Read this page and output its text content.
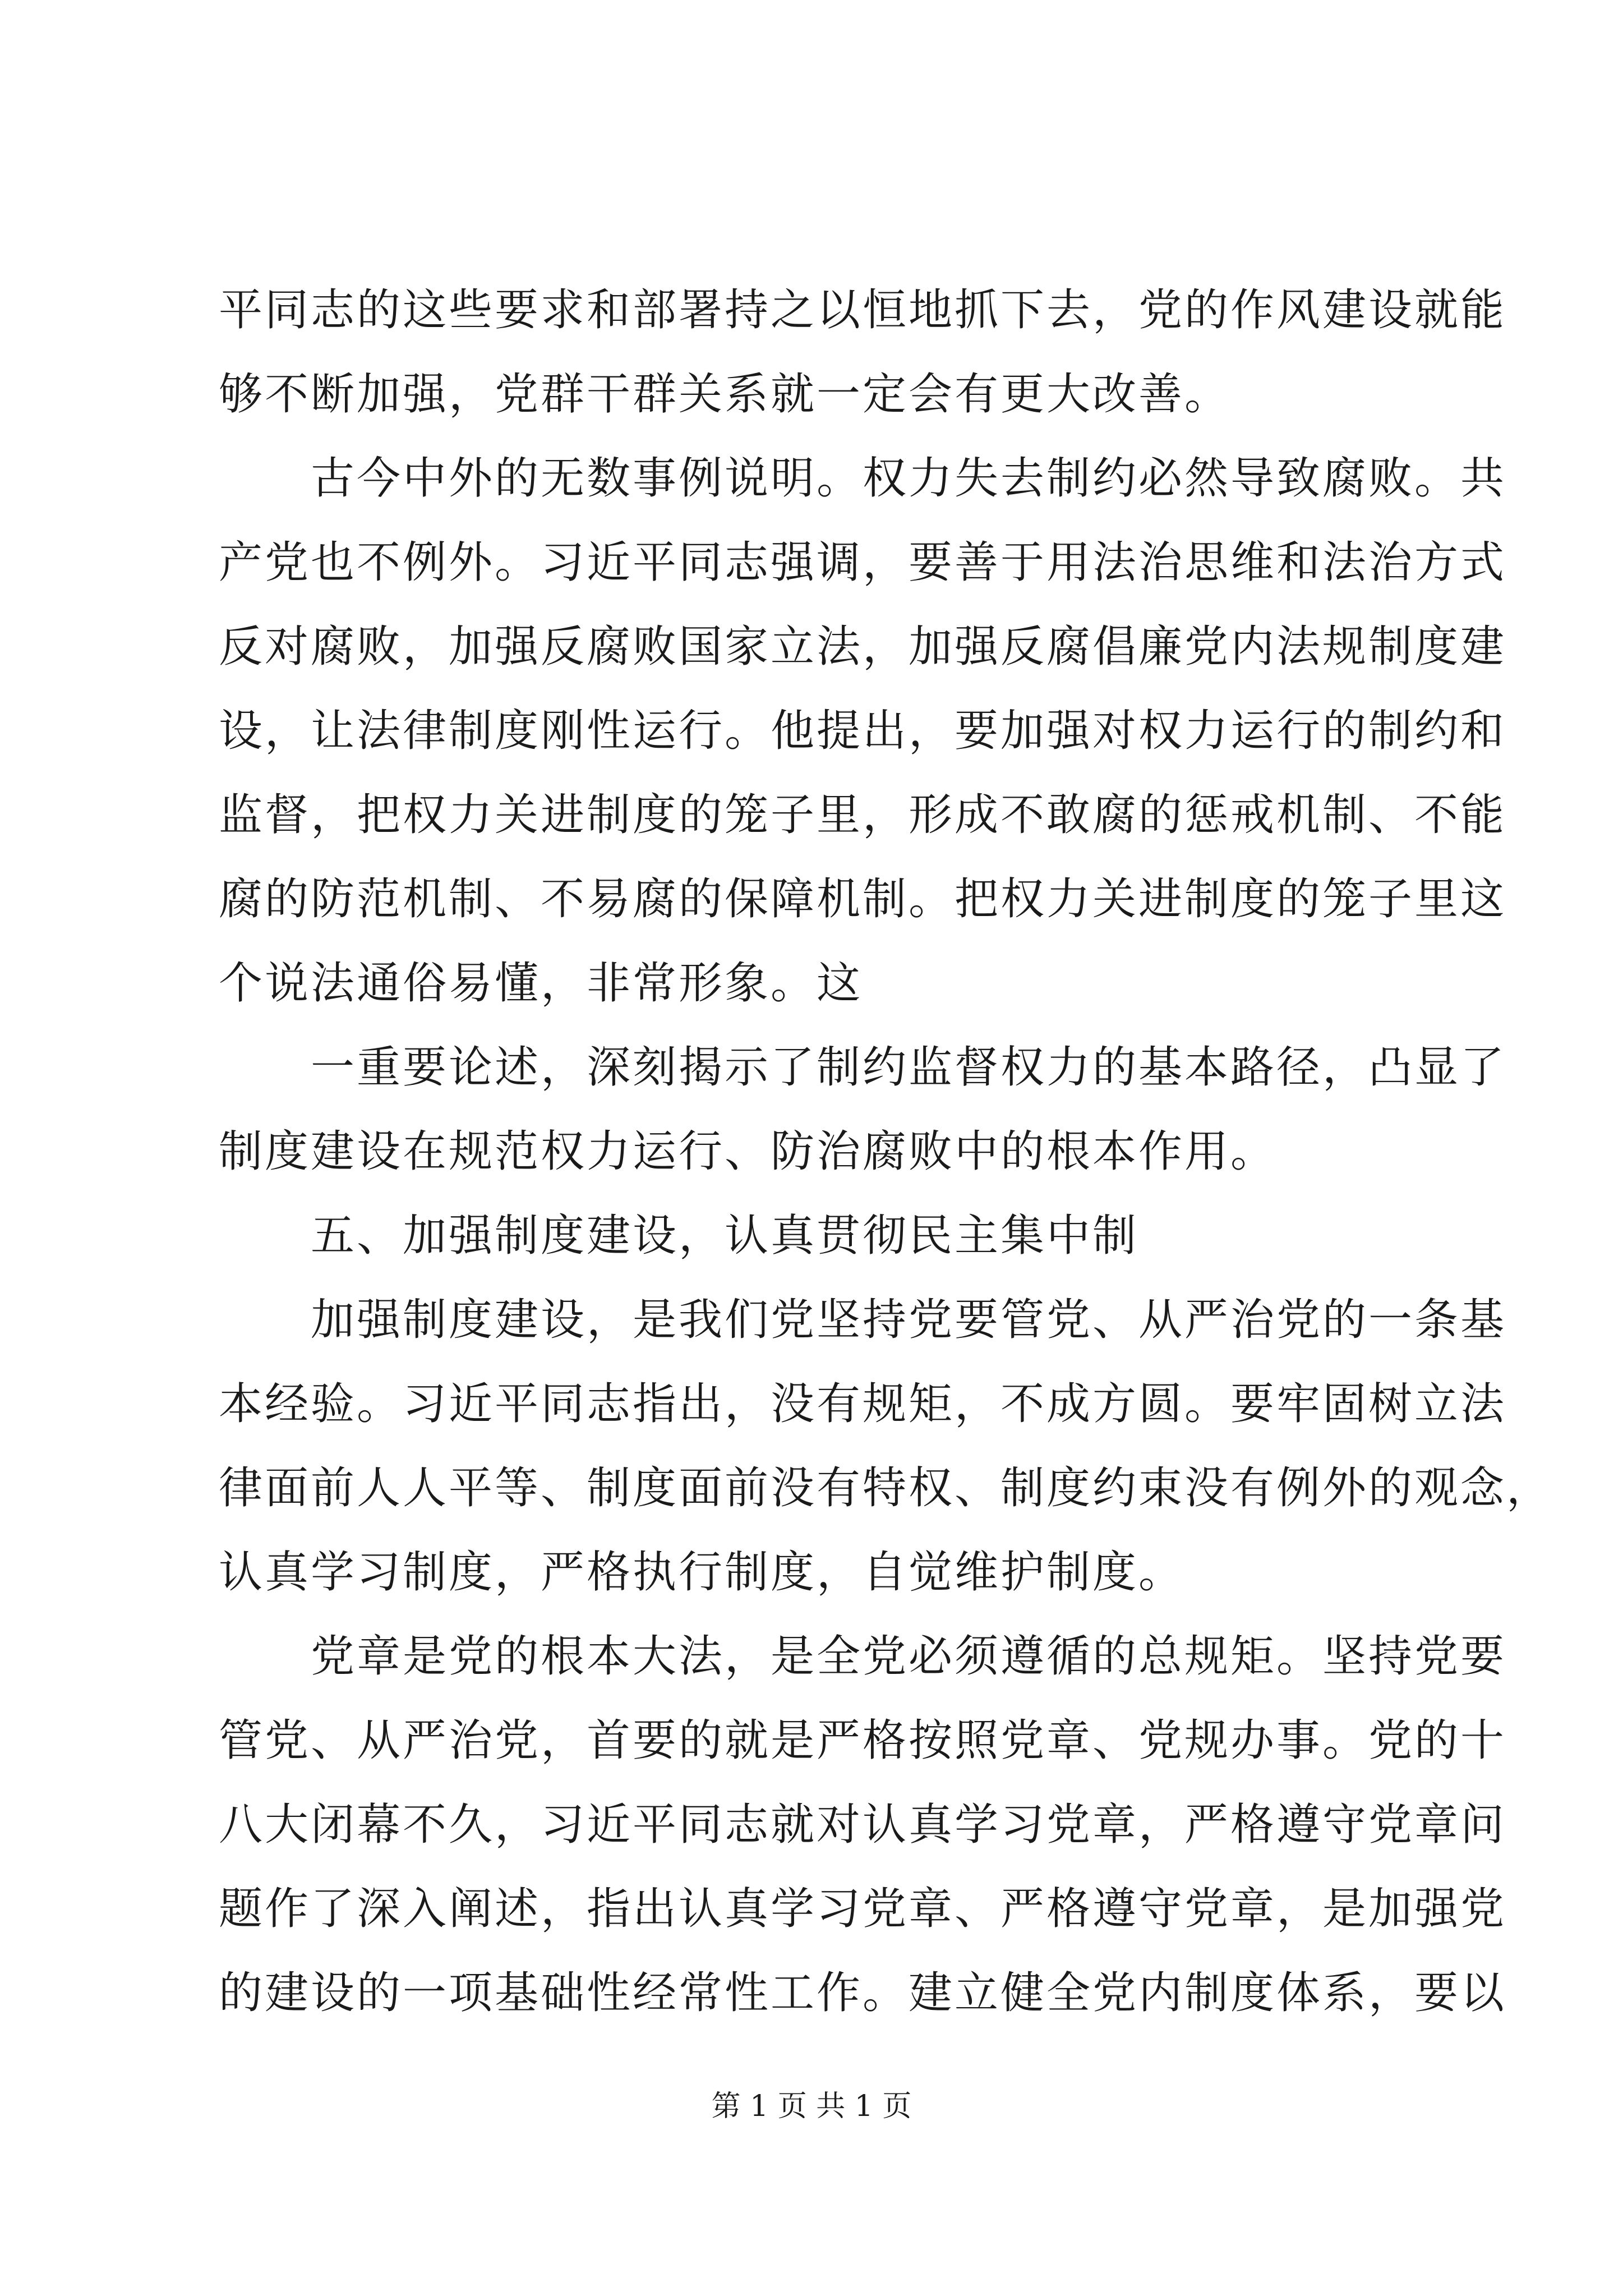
平同志的这些要求和部署持之以恒地抓下去，党的作风建设就能
够不断加强，党群干群关系就一定会有更大改善。
　　古今中外的无数事例说明。权力失去制约必然导致腐败。共
产党也不例外。习近平同志强调，要善于用法治思维和法治方式
反对腐败，加强反腐败国家立法，加强反腐倡廉党内法规制度建
设，让法律制度刚性运行。他提出，要加强对权力运行的制约和
监督，把权力关进制度的笼子里，形成不敢腐的惩戒机制、不能
腐的防范机制、不易腐的保障机制。把权力关进制度的笼子里这
个说法通俗易懂，非常形象。这
　　一重要论述，深刻揭示了制约监督权力的基本路径，凸显了
制度建设在规范权力运行、防治腐败中的根本作用。
　　五、加强制度建设，认真贯彻民主集中制
　　加强制度建设，是我们党坚持党要管党、从严治党的一条基
本经验。习近平同志指出，没有规矩，不成方圆。要牢固树立法
律面前人人平等、制度面前没有特权、制度约束没有例外的观念，
认真学习制度，严格执行制度，自觉维护制度。
　　党章是党的根本大法，是全党必须遵循的总规矩。坚持党要
管党、从严治党，首要的就是严格按照党章、党规办事。党的十
八大闭幕不久，习近平同志就对认真学习党章，严格遵守党章问
题作了深入阐述，指出认真学习党章、严格遵守党章，是加强党
的建设的一项基础性经常性工作。建立健全党内制度体系，要以
第 1 页 共 1 页
